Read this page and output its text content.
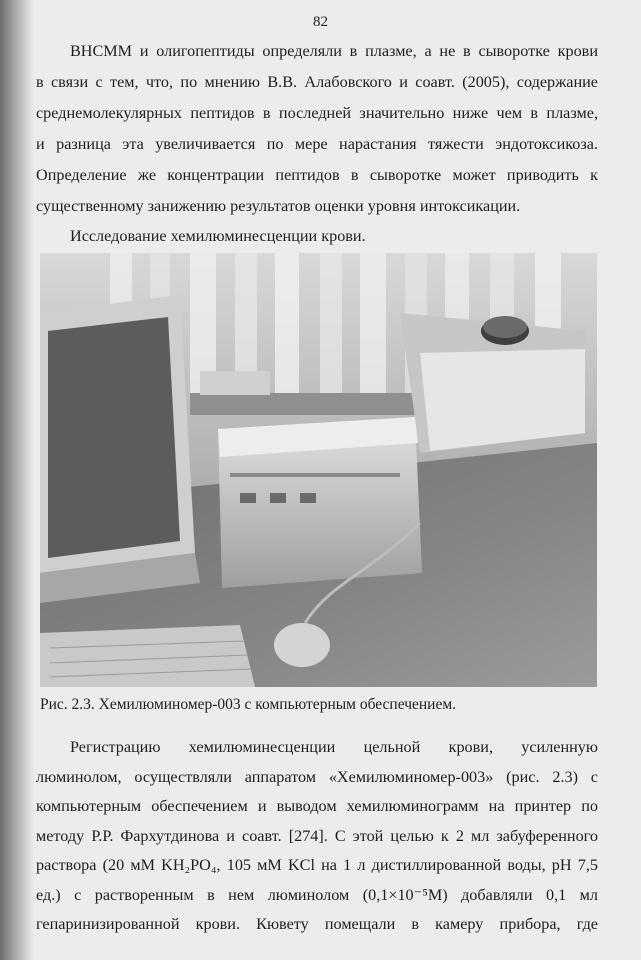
82

ВНСММ и олигопептиды определяли в плазме, а не в сыворотке крови
в связи с тем, что, по мнению В.В. Алабовского и соавт. (2005), содержание
среднемолекулярных пептидов в последней значительно ниже чем в плазме,
и разница эта увеличивается по мере нарастания тяжести эндотоксикоза.
Определение же концентрации пептидов в сыворотке может приводить к
существенному занижению результатов оценки уровня интоксикации.

Исследование хемилюминесценции крови.

Рис. 2.3. Хемилюминомер-003 с компьютерным обеспечением.

Регистрацию хемилюминесценции цельной крови, усиленную
люминолом, осуществляли аппаратом «Хемилюминомер-003» (рис. 2.3) с
компьютерным обеспечением и выводом хемилюминограмм на принтер по
методу Р.Р. Фархутдинова и соавт. [274]. С этой целью к 2 мл забуференного
раствора (20 мМ KH₂PO₄, 105 мМ KCl на 1 л дистиллированной воды, pH 7,5
ед.) с растворенным в нем люминолом (0,1×10⁻⁵М) добавляли 0,1 мл
гепаринизированной крови. Кювету помещали в камеру прибора, где
